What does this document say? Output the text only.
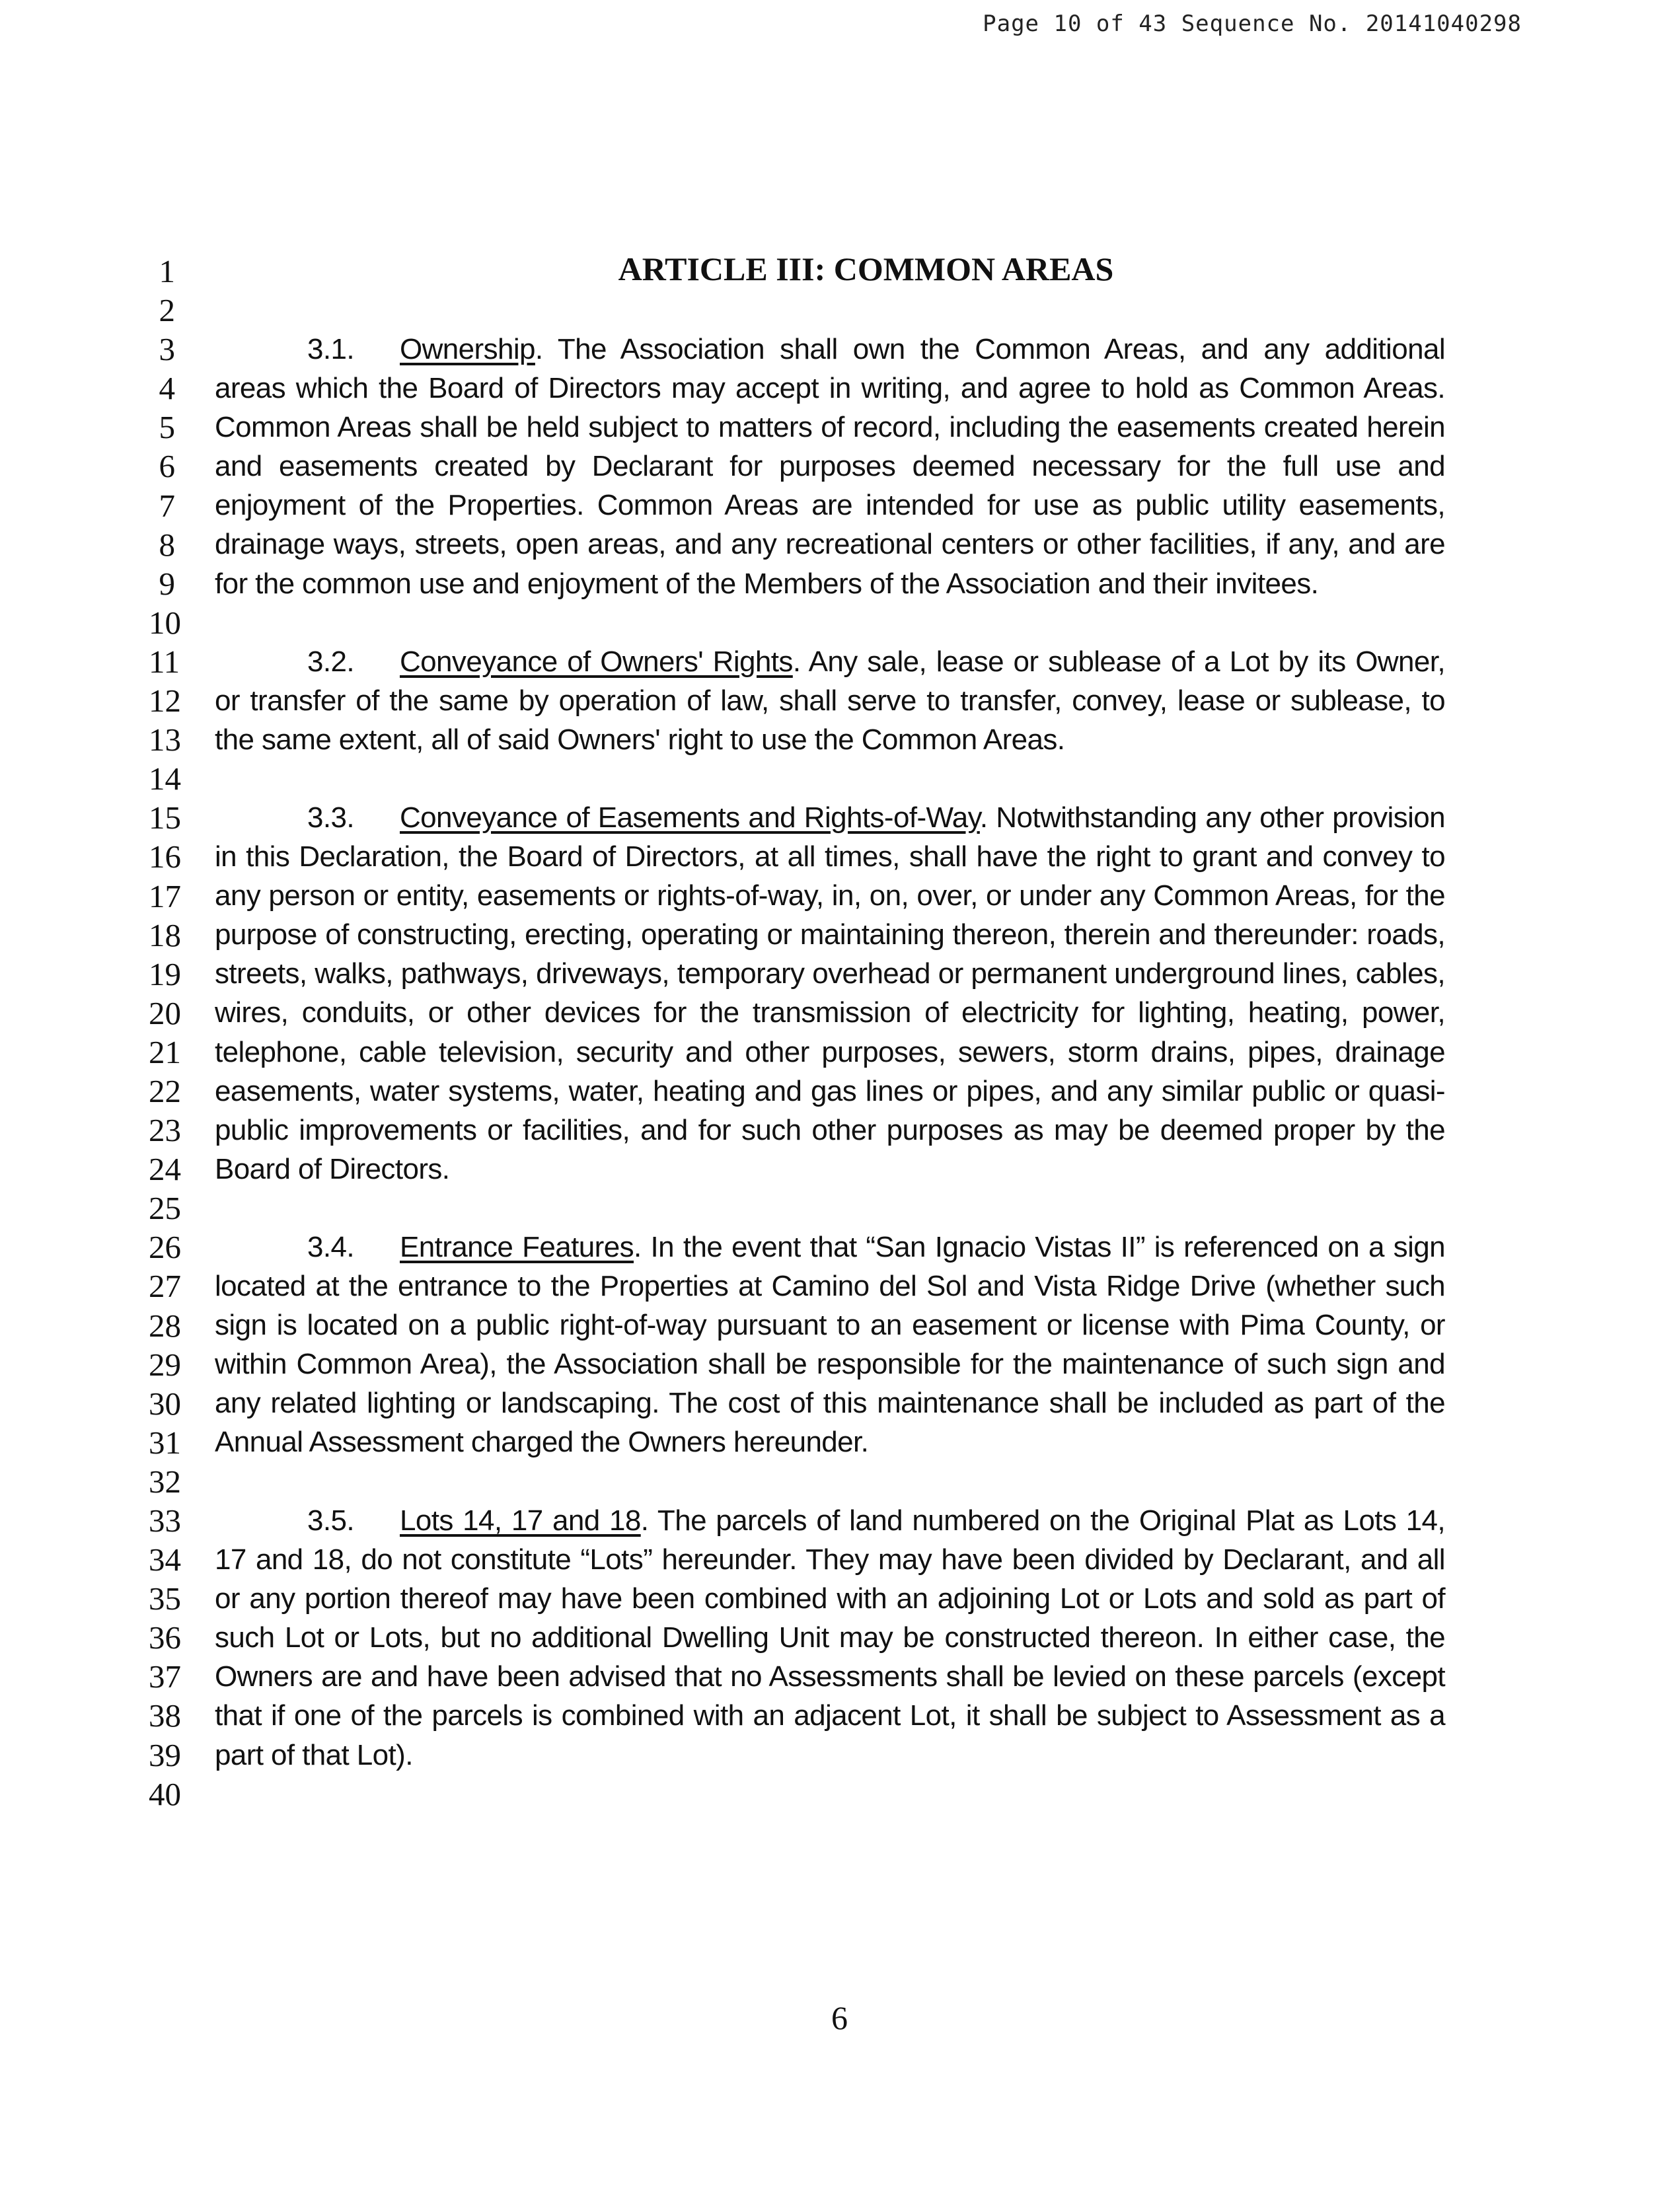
Page 10 of 43 Sequence No. 20141040298
ARTICLE III: COMMON AREAS
1
2
3
4
5
6
7
8
9
10
11
12
13
14
15
16
17
18
19
20
21
22
23
24
25
26
27
28
29
30
31
32
33
34
35
36
37
38
39
40

3.1. Ownership. The Association shall own the Common Areas, and any additional areas which the Board of Directors may accept in writing, and agree to hold as Common Areas. Common Areas shall be held subject to matters of record, including the easements created herein and easements created by Declarant for purposes deemed necessary for the full use and enjoyment of the Properties. Common Areas are intended for use as public utility easements, drainage ways, streets, open areas, and any recreational centers or other facilities, if any, and are for the common use and enjoyment of the Members of the Association and their invitees.

3.2. Conveyance of Owners' Rights. Any sale, lease or sublease of a Lot by its Owner, or transfer of the same by operation of law, shall serve to transfer, convey, lease or sublease, to the same extent, all of said Owners' right to use the Common Areas.

3.3. Conveyance of Easements and Rights-of-Way. Notwithstanding any other provision in this Declaration, the Board of Directors, at all times, shall have the right to grant and convey to any person or entity, easements or rights-of-way, in, on, over, or under any Common Areas, for the purpose of constructing, erecting, operating or maintaining thereon, therein and thereunder: roads, streets, walks, pathways, driveways, temporary overhead or permanent underground lines, cables, wires, conduits, or other devices for the transmission of electricity for lighting, heating, power, telephone, cable television, security and other purposes, sewers, storm drains, pipes, drainage easements, water systems, water, heating and gas lines or pipes, and any similar public or quasi-public improvements or facilities, and for such other purposes as may be deemed proper by the Board of Directors.

3.4. Entrance Features. In the event that “San Ignacio Vistas II” is referenced on a sign located at the entrance to the Properties at Camino del Sol and Vista Ridge Drive (whether such sign is located on a public right-of-way pursuant to an easement or license with Pima County, or within Common Area), the Association shall be responsible for the maintenance of such sign and any related lighting or landscaping. The cost of this maintenance shall be included as part of the Annual Assessment charged the Owners hereunder.

3.5. Lots 14, 17 and 18. The parcels of land numbered on the Original Plat as Lots 14, 17 and 18, do not constitute “Lots” hereunder. They may have been divided by Declarant, and all or any portion thereof may have been combined with an adjoining Lot or Lots and sold as part of such Lot or Lots, but no additional Dwelling Unit may be constructed thereon. In either case, the Owners are and have been advised that no Assessments shall be levied on these parcels (except that if one of the parcels is combined with an adjacent Lot, it shall be subject to Assessment as a part of that Lot).

6
